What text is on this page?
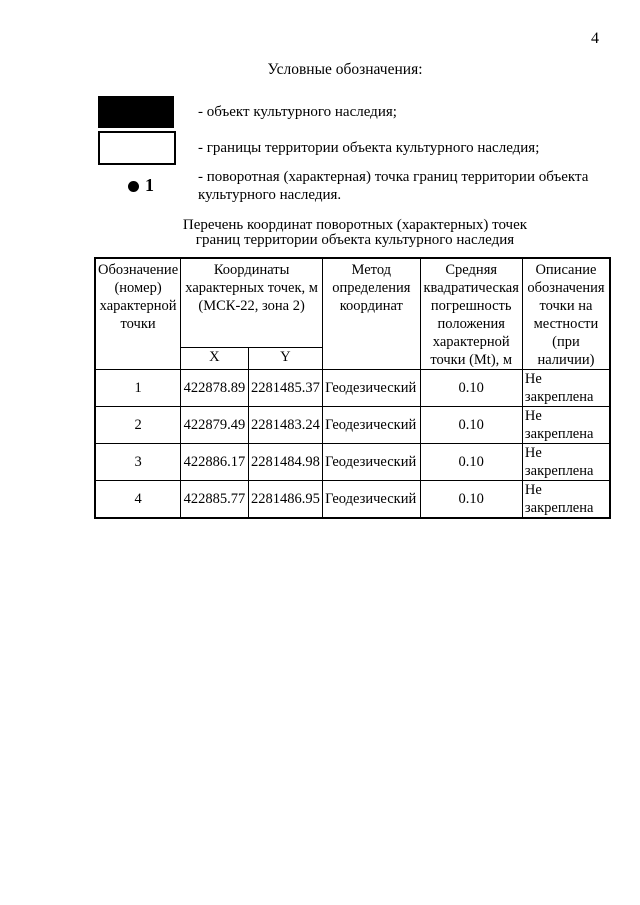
4
Условные обозначения:
- объект культурного наследия;
- границы территории объекта культурного наследия;
1	- поворотная (характерная) точка границ территории объекта культурного наследия.
Перечень координат поворотных (характерных) точек
границ территории объекта культурного наследия
Обозначение (номер) характерной точки	Координаты характерных точек, м (МСК-22, зона 2)		Метод определения координат	Средняя квадратическая погрешность положения характерной точки (Mt), м	Описание обозначения точки на местности (при наличии)
	X	Y			
1	422878.89	2281485.37	Геодезический	0.10	Не закреплена
2	422879.49	2281483.24	Геодезический	0.10	Не закреплена
3	422886.17	2281484.98	Геодезический	0.10	Не закреплена
4	422885.77	2281486.95	Геодезический	0.10	Не закреплена
